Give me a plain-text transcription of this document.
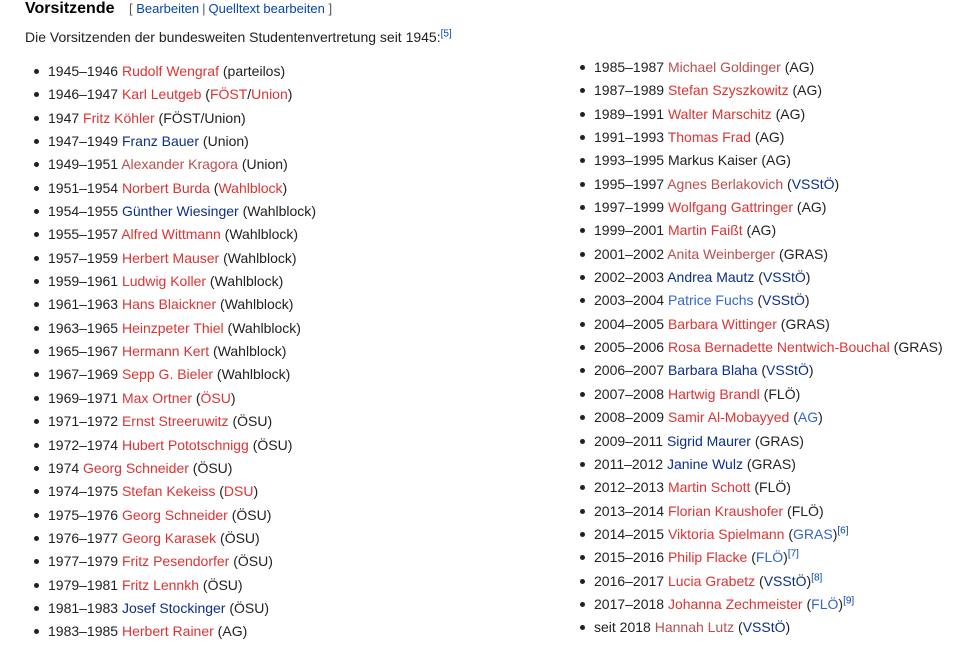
Vorsitzende [ Bearbeiten | Quelltext bearbeiten ]
Die Vorsitzenden der bundesweiten Studentenvertretung seit 1945:[5]
1945–1946 Rudolf Wengraf (parteilos)
1946–1947 Karl Leutgeb (FÖST/Union)
1947 Fritz Köhler (FÖST/Union)
1947–1949 Franz Bauer (Union)
1949–1951 Alexander Kragora (Union)
1951–1954 Norbert Burda (Wahlblock)
1954–1955 Günther Wiesinger (Wahlblock)
1955–1957 Alfred Wittmann (Wahlblock)
1957–1959 Herbert Mauser (Wahlblock)
1959–1961 Ludwig Koller (Wahlblock)
1961–1963 Hans Blaickner (Wahlblock)
1963–1965 Heinzpeter Thiel (Wahlblock)
1965–1967 Hermann Kert (Wahlblock)
1967–1969 Sepp G. Bieler (Wahlblock)
1969–1971 Max Ortner (ÖSU)
1971–1972 Ernst Streeruwitz (ÖSU)
1972–1974 Hubert Pototschnigg (ÖSU)
1974 Georg Schneider (ÖSU)
1974–1975 Stefan Kekeiss (DSU)
1975–1976 Georg Schneider (ÖSU)
1976–1977 Georg Karasek (ÖSU)
1977–1979 Fritz Pesendorfer (ÖSU)
1979–1981 Fritz Lennkh (ÖSU)
1981–1983 Josef Stockinger (ÖSU)
1983–1985 Herbert Rainer (AG)
1985–1987 Michael Goldinger (AG)
1987–1989 Stefan Szyszkowitz (AG)
1989–1991 Walter Marschitz (AG)
1991–1993 Thomas Frad (AG)
1993–1995 Markus Kaiser (AG)
1995–1997 Agnes Berlakovich (VSStÖ)
1997–1999 Wolfgang Gattringer (AG)
1999–2001 Martin Faißt (AG)
2001–2002 Anita Weinberger (GRAS)
2002–2003 Andrea Mautz (VSStÖ)
2003–2004 Patrice Fuchs (VSStÖ)
2004–2005 Barbara Wittinger (GRAS)
2005–2006 Rosa Bernadette Nentwich-Bouchal (GRAS)
2006–2007 Barbara Blaha (VSStÖ)
2007–2008 Hartwig Brandl (FLÖ)
2008–2009 Samir Al-Mobayyed (AG)
2009–2011 Sigrid Maurer (GRAS)
2011–2012 Janine Wulz (GRAS)
2012–2013 Martin Schott (FLÖ)
2013–2014 Florian Kraushofer (FLÖ)
2014–2015 Viktoria Spielmann (GRAS)[6]
2015–2016 Philip Flacke (FLÖ)[7]
2016–2017 Lucia Grabetz (VSStÖ)[8]
2017–2018 Johanna Zechmeister (FLÖ)[9]
seit 2018 Hannah Lutz (VSStÖ)
